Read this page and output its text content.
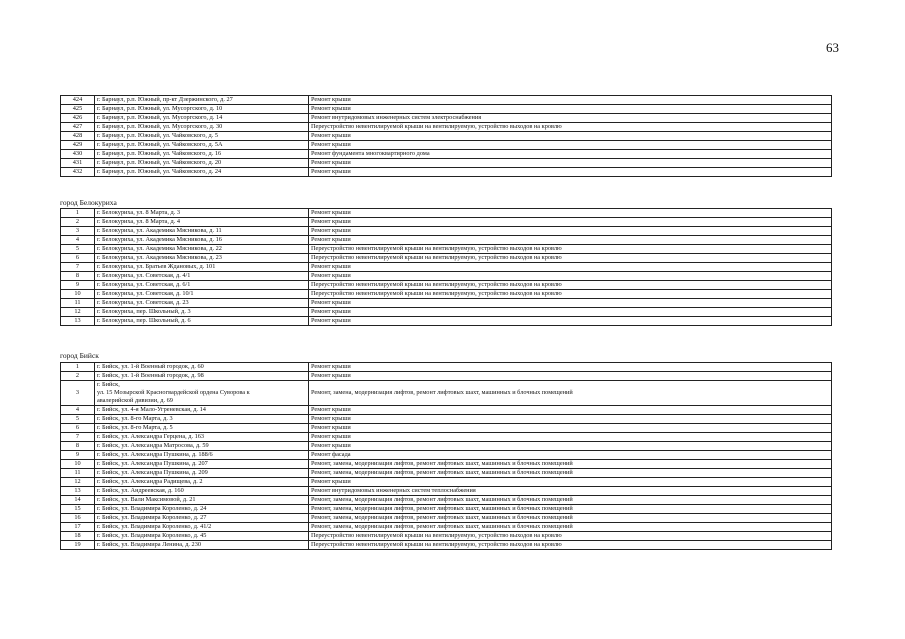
63
424	г. Барнаул, р.п. Южный, пр-кт Дзержинского, д. 27	Ремонт крыши
425	г. Барнаул, р.п. Южный, ул. Мусоргского, д. 10	Ремонт крыши
426	г. Барнаул, р.п. Южный, ул. Мусоргского, д. 14	Ремонт внутридомовых инженерных систем электроснабжения
427	г. Барнаул, р.п. Южный, ул. Мусоргского, д. 30	Переустройство невентилируемой крыши на вентилируемую, устройство выходов на кровлю
428	г. Барнаул, р.п. Южный, ул. Чайковского, д. 5	Ремонт крыши
429	г. Барнаул, р.п. Южный, ул. Чайковского, д. 5А	Ремонт крыши
430	г. Барнаул, р.п. Южный, ул. Чайковского, д. 16	Ремонт фундамента многоквартирного дома
431	г. Барнаул, р.п. Южный, ул. Чайковского, д. 20	Ремонт крыши
432	г. Барнаул, р.п. Южный, ул. Чайковского, д. 24	Ремонт крыши
город Белокуриха
1	г. Белокуриха, ул. 8 Марта, д. 3	Ремонт крыши
2	г. Белокуриха, ул. 8 Марта, д. 4	Ремонт крыши
3	г. Белокуриха, ул. Академика Мясникова, д. 11	Ремонт крыши
4	г. Белокуриха, ул. Академика Мясникова, д. 16	Ремонт крыши
5	г. Белокуриха, ул. Академика Мясникова, д. 22	Переустройство невентилируемой крыши на вентилируемую, устройство выходов на кровлю
6	г. Белокуриха, ул. Академика Мясникова, д. 23	Переустройство невентилируемой крыши на вентилируемую, устройство выходов на кровлю
7	г. Белокуриха, ул. Братьев Ждановых, д. 101	Ремонт крыши
8	г. Белокуриха, ул. Советская, д. 4/1	Ремонт крыши
9	г. Белокуриха, ул. Советская, д. 6/1	Переустройство невентилируемой крыши на вентилируемую, устройство выходов на кровлю
10	г. Белокуриха, ул. Советская, д. 10/1	Переустройство невентилируемой крыши на вентилируемую, устройство выходов на кровлю
11	г. Белокуриха, ул. Советская, д. 23	Ремонт крыши
12	г. Белокуриха, пер. Школьный, д. 3	Ремонт крыши
13	г. Белокуриха, пер. Школьный, д. 6	Ремонт крыши
город Бийск
1	г. Бийск, ул. 1-й Военный городок, д. 60	Ремонт крыши
2	г. Бийск, ул. 1-й Военный городок, д. 98	Ремонт крыши
3	г. Бийск,
ул. 15 Мозырской Красногвардейской ордена Суворова к
авалерийской дивизии, д. 69	Ремонт, замена, модернизация лифтов, ремонт лифтовых шахт, машинных и блочных помещений
4	г. Бийск, ул. 4-я Мало-Угреневская, д. 14	Ремонт крыши
5	г. Бийск, ул. 8-го Марта, д. 3	Ремонт крыши
6	г. Бийск, ул. 8-го Марта, д. 5	Ремонт крыши
7	г. Бийск, ул. Александра Герцена, д. 163	Ремонт крыши
8	г. Бийск, ул. Александра Матросова, д. 59	Ремонт крыши
9	г. Бийск, ул. Александра Пушкина, д. 188/6	Ремонт фасада
10	г. Бийск, ул. Александра Пушкина, д. 207	Ремонт, замена, модернизация лифтов, ремонт лифтовых шахт, машинных и блочных помещений
11	г. Бийск, ул. Александра Пушкина, д. 209	Ремонт, замена, модернизация лифтов, ремонт лифтовых шахт, машинных и блочных помещений
12	г. Бийск, ул. Александра Радищева, д. 2	Ремонт крыши
13	г. Бийск, ул. Андреевская, д. 160	Ремонт внутридомовых инженерных систем теплоснабжения
14	г. Бийск, ул. Вали Максимовой, д. 21	Ремонт, замена, модернизация лифтов, ремонт лифтовых шахт, машинных и блочных помещений
15	г. Бийск, ул. Владимира Короленко, д. 24	Ремонт, замена, модернизация лифтов, ремонт лифтовых шахт, машинных и блочных помещений
16	г. Бийск, ул. Владимира Короленко, д. 27	Ремонт, замена, модернизация лифтов, ремонт лифтовых шахт, машинных и блочных помещений
17	г. Бийск, ул. Владимира Короленко, д. 41/2	Ремонт, замена, модернизация лифтов, ремонт лифтовых шахт, машинных и блочных помещений
18	г. Бийск, ул. Владимира Короленко, д. 45	Переустройство невентилируемой крыши на вентилируемую, устройство выходов на кровлю
19	г. Бийск, ул. Владимира Ленина, д. 230	Переустройство невентилируемой крыши на вентилируемую, устройство выходов на кровлю
